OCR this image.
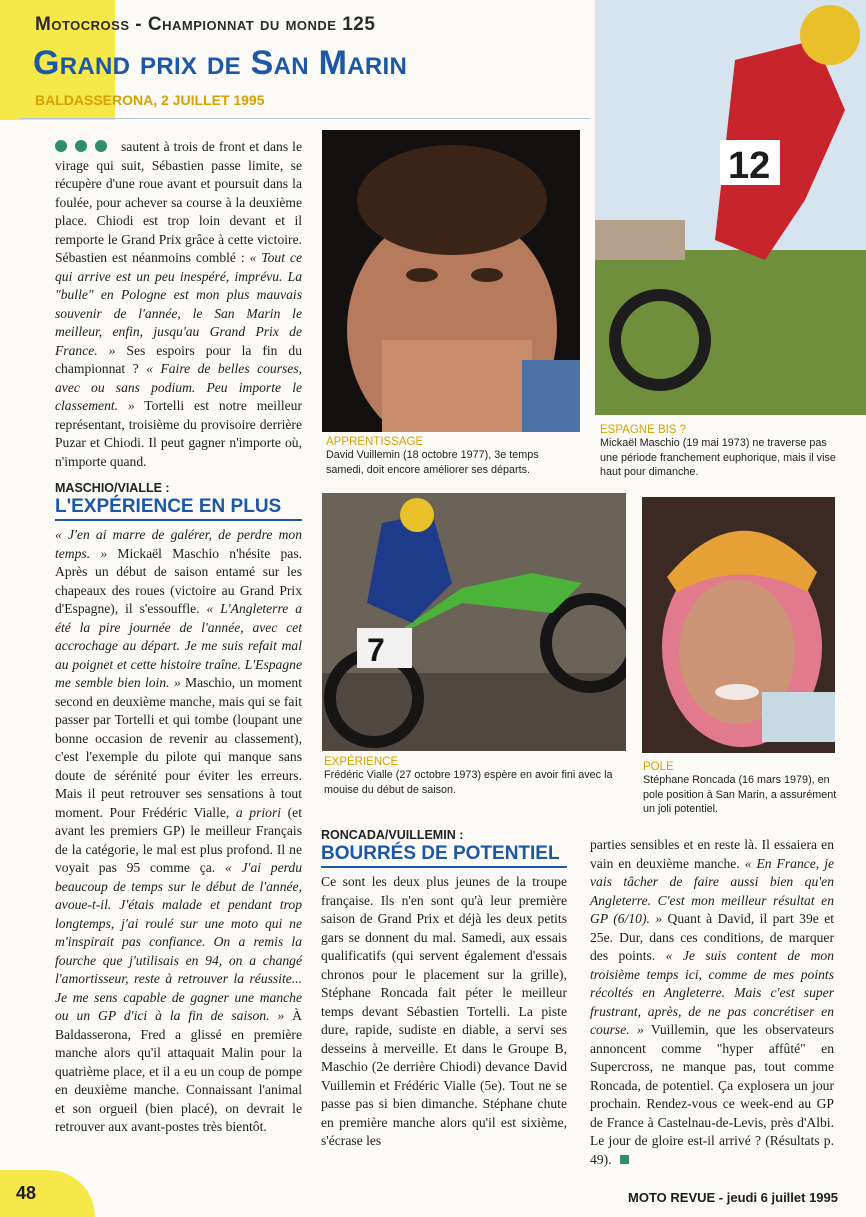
Motocross - Championnat du monde 125
Grand prix de San Marin
BALDASSERONA, 2 JUILLET 1995

sautent à trois de front et dans le virage qui suit, Sébastien passe limite, se récupère d'une roue avant et poursuit dans la foulée, pour achever sa course à la deuxième place. Chiodi est trop loin devant et il remporte le Grand Prix grâce à cette victoire. Sébastien est néanmoins comblé : « Tout ce qui arrive est un peu inespéré, imprévu. La "bulle" en Pologne est mon plus mauvais souvenir de l'année, le San Marin le meilleur, enfin, jusqu'au Grand Prix de France. » Ses espoirs pour la fin du championnat ? « Faire de belles courses, avec ou sans podium. Peu importe le classement. » Tortelli est notre meilleur représentant, troisième du provisoire derrière Puzar et Chiodi. Il peut gagner n'importe où, n'importe quand.

MASCHIO/VIALLE :
L'EXPÉRIENCE EN PLUS

« J'en ai marre de galérer, de perdre mon temps. » Mickaël Maschio n'hésite pas. Après un début de saison entamé sur les chapeaux des roues (victoire au Grand Prix d'Espagne), il s'essouffle. « L'Angleterre a été la pire journée de l'année, avec cet accrochage au départ. Je me suis refait mal au poignet et cette histoire traîne. L'Espagne me semble bien loin. » Maschio, un moment second en deuxième manche, mais qui se fait passer par Tortelli et qui tombe (loupant une bonne occasion de revenir au classement), c'est l'exemple du pilote qui manque sans doute de sérénité pour éviter les erreurs. Mais il peut retrouver ses sensations à tout moment. Pour Frédéric Vialle, a priori (et avant les premiers GP) le meilleur Français de la catégorie, le mal est plus profond. Il ne voyait pas 95 comme ça. « J'ai perdu beaucoup de temps sur le début de l'année, avoue-t-il. J'étais malade et pendant trop longtemps, j'ai roulé sur une moto qui ne m'inspirait pas confiance. On a remis la fourche que j'utilisais en 94, on a changé l'amortisseur, reste à retrouver la réussite... Je me sens capable de gagner une manche ou un GP d'ici à la fin de saison. » À Baldasserona, Fred a glissé en première manche alors qu'il attaquait Malin pour la quatrième place, et il a eu un coup de pompe en deuxième manche. Connaissant l'animal et son orgueil (bien placé), on devrait le retrouver aux avant-postes très bientôt.

APPRENTISSAGE
David Vuillemin (18 octobre 1977), 3e temps samedi, doit encore améliorer ses départs.
12
ESPAGNE BIS ?
Mickaël Maschio (19 mai 1973) ne traverse pas une période franchement euphorique, mais il vise haut pour dimanche.
7
EXPÉRIENCE
Frédéric Vialle (27 octobre 1973) espère en avoir fini avec la mouise du début de saison.
POLE
Stéphane Roncada (16 mars 1979), en pole position à San Marin, a assurément un joli potentiel.
RONCADA/VUILLEMIN :
BOURRÉS DE POTENTIEL

Ce sont les deux plus jeunes de la troupe française. Ils n'en sont qu'à leur première saison de Grand Prix et déjà les deux petits gars se donnent du mal. Samedi, aux essais qualificatifs (qui servent également d'essais chronos pour le placement sur la grille), Stéphane Roncada fait péter le meilleur temps devant Sébastien Tortelli. La piste dure, rapide, sudiste en diable, a servi ses desseins à merveille. Et dans le Groupe B, Maschio (2e derrière Chiodi) devance David Vuillemin et Frédéric Vialle (5e). Tout ne se passe pas si bien dimanche. Stéphane chute en première manche alors qu'il est sixième, s'écrase les

parties sensibles et en reste là. Il essaiera en vain en deuxième manche. « En France, je vais tâcher de faire aussi bien qu'en Angleterre. C'est mon meilleur résultat en GP (6/10). » Quant à David, il part 39e et 25e. Dur, dans ces conditions, de marquer des points. « Je suis content de mon troisième temps ici, comme de mes points récoltés en Angleterre. Mais c'est super frustrant, après, de ne pas concrétiser en course. » Vuillemin, que les observateurs annoncent comme "hyper affûté" en Supercross, ne manque pas, tout comme Roncada, de potentiel. Ça explosera un jour prochain. Rendez-vous ce week-end au GP de France à Castelnau-de-Levis, près d'Albi. Le jour de gloire est-il arrivé ? (Résultats p. 49).

48	MOTO REVUE - jeudi 6 juillet 1995
